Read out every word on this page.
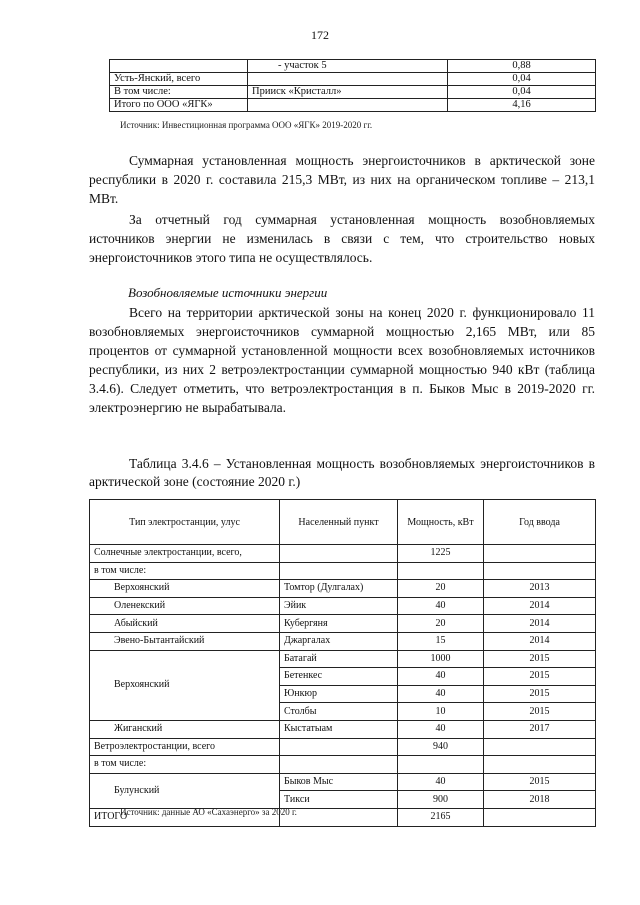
172
	- участок 5	0,88
Усть-Янский, всего		0,04
В том числе:	Прииск «Кристалл»	0,04
Итого по ООО «ЯГК»		4,16
Источник: Инвестиционная программа ООО «ЯГК» 2019-2020 гг.

Суммарная установленная мощность энергоисточников в арктической зоне республики в 2020 г. составила 215,3 МВт, из них на органическом топливе – 213,1 МВт.

За отчетный год суммарная установленная мощность возобновляемых источников энергии не изменилась в связи с тем, что строительство новых энергоисточников этого типа не осуществлялось.

Возобновляемые источники энергии

Всего на территории арктической зоны на конец 2020 г. функционировало 11 возобновляемых энергоисточников суммарной мощностью 2,165 МВт, или 85 процентов от суммарной установленной мощности всех возобновляемых источников республики, из них 2 ветроэлектростанции суммарной мощностью 940 кВт (таблица 3.4.6). Следует отметить, что ветроэлектростанция в п. Быков Мыс в 2019-2020 гг. электроэнергию не вырабатывала.

Таблица 3.4.6 – Установленная мощность возобновляемых энергоисточников в арктической зоне (состояние 2020 г.)

Тип электростанции, улус	Населенный пункт	Мощность, кВт	Год ввода
Солнечные электростанции, всего,		1225	
в том числе:			
Верхоянский	Томтор (Дулгалах)	20	2013
Оленекский	Эйик	40	2014
Абыйский	Кубергяня	20	2014
Эвено-Бытантайский	Джаргалах	15	2014
Верхоянский	Батагай	1000	2015
	Бетенкес	40	2015
	Юнкюр	40	2015
	Столбы	10	2015
Жиганский	Кыстатыам	40	2017
Ветроэлектростанции, всего		940	
в том числе:			
Булунский	Быков Мыс	40	2015
	Тикси	900	2018
ИТОГО		2165	
Источник: данные АО «Сахаэнерго» за 2020 г.
